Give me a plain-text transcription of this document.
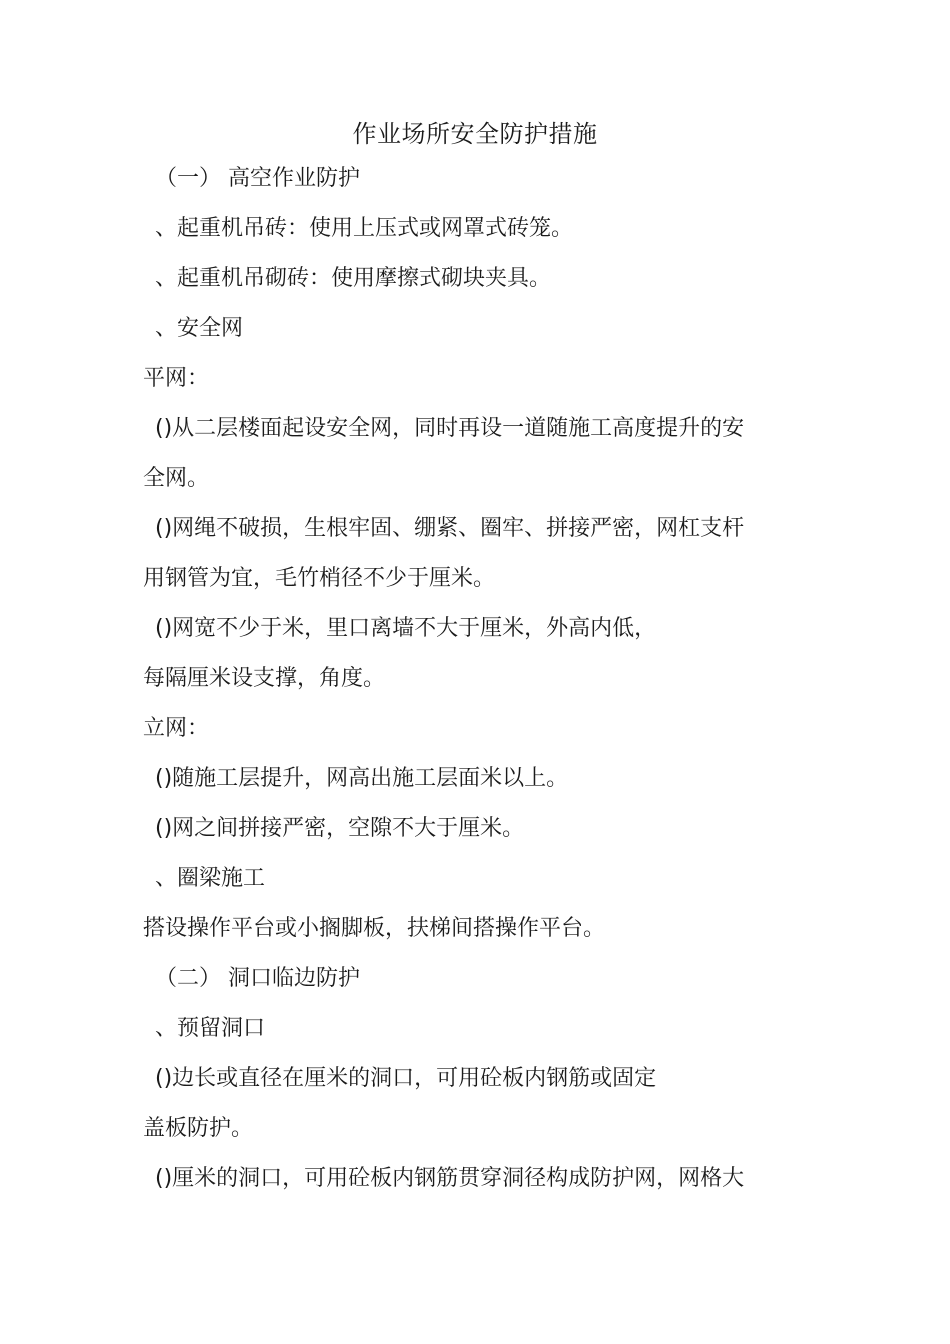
作业场所安全防护措施
（一） 高空作业防护
、起重机吊砖：使用上压式或网罩式砖笼。
、起重机吊砌砖：使用摩擦式砌块夹具。
、安全网
平网：
()从二层楼面起设安全网，同时再设一道随施工高度提升的安
全网。
()网绳不破损，生根牢固、绷紧、圈牢、拼接严密，网杠支杆
用钢管为宜，毛竹梢径不少于厘米。
()网宽不少于米，里口离墙不大于厘米，外高内低，
每隔厘米设支撑，角度。
立网：
()随施工层提升，网高出施工层面米以上。
()网之间拼接严密，空隙不大于厘米。
、圈梁施工
搭设操作平台或小搁脚板，扶梯间搭操作平台。
（二） 洞口临边防护
、预留洞口
()边长或直径在厘米的洞口，可用砼板内钢筋或固定
盖板防护。
()厘米的洞口，可用砼板内钢筋贯穿洞径构成防护网，网格大
